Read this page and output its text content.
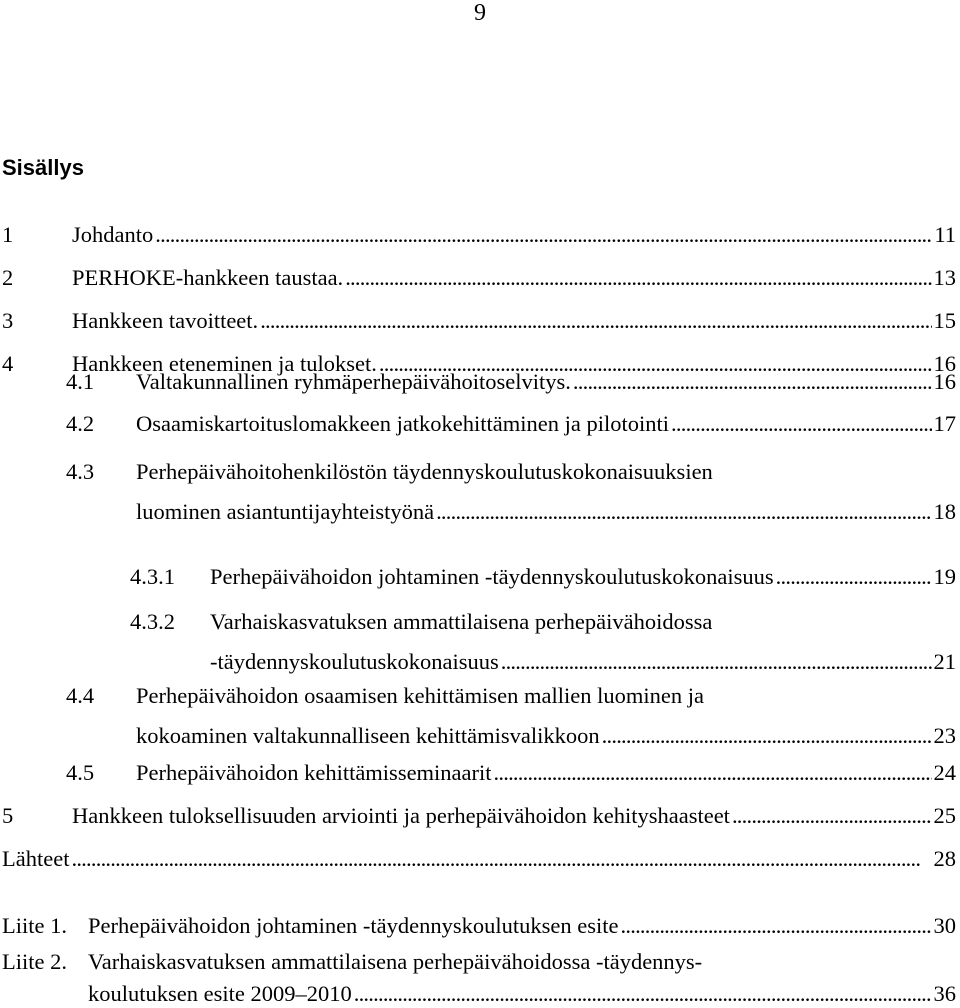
9
Sisällys
1	Johdanto . . .	11
2	PERHOKE-hankkeen taustaa. . . .	13
3	Hankkeen tavoitteet. . . .	15
4	Hankkeen eteneminen ja tulokset. . . .	16
4.1	Valtakunnallinen ryhmäperhepäivähoitoselvitys. . . .	16
4.2	Osaamiskartoituslomakkeen jatkokehittäminen ja pilotointi . . .	17
4.3	Perhepäivähoitohenkilöstön täydennyskoulutuskokonaisuuksien
luominen asiantuntijayhteistyönä . . .	18
4.3.1	Perhepäivähoidon johtaminen -täydennyskoulutuskokonaisuus . . .	19
4.3.2	Varhaiskasvatuksen ammattilaisena perhepäivähoidossa
-täydennyskoulutuskokonaisuus . . .	21
4.4	Perhepäivähoidon osaamisen kehittämisen mallien luominen ja
kokoaminen valtakunnalliseen kehittämisvalikkoon . . .	23
4.5	Perhepäivähoidon kehittämisseminaarit . . .	24
5	Hankkeen tuloksellisuuden arviointi ja perhepäivähoidon kehityshaasteet . . .	25
Lähteet . . .	28
Liite 1. Perhepäivähoidon johtaminen -täydennyskoulutuksen esite . . .	30
Liite 2. Varhaiskasvatuksen ammattilaisena perhepäivähoidossa -täydennys-
koulutuksen esite 2009–2010 . . .	36
